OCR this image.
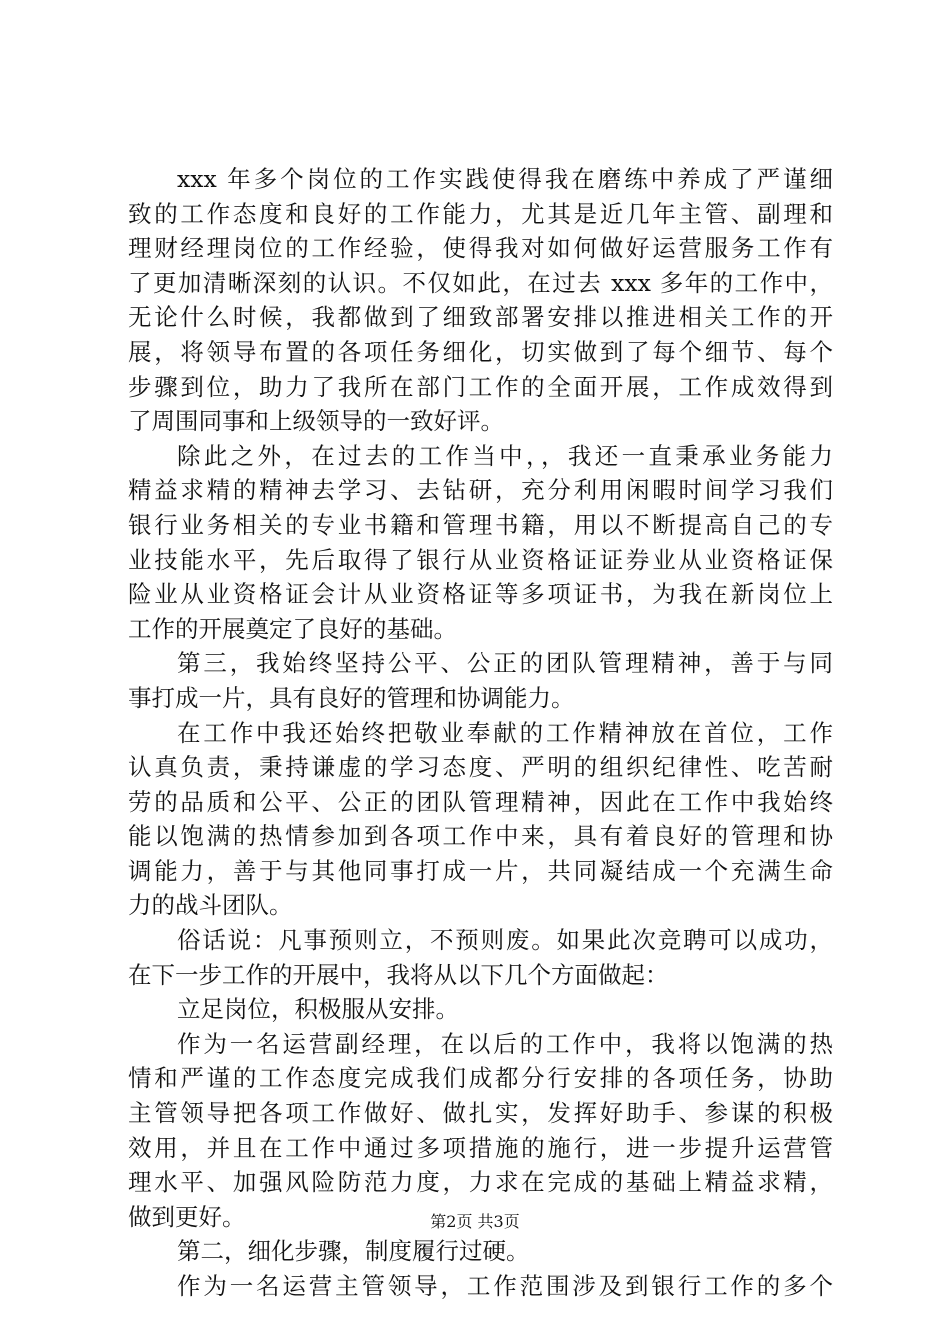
xxx 年多个岗位的工作实践使得我在磨练中养成了严谨细
致的工作态度和良好的工作能力，尤其是近几年主管、副理和
理财经理岗位的工作经验，使得我对如何做好运营服务工作有
了更加清晰深刻的认识。不仅如此，在过去 xxx 多年的工作中，
无论什么时候，我都做到了细致部署安排以推进相关工作的开
展，将领导布置的各项任务细化，切实做到了每个细节、每个
步骤到位，助力了我所在部门工作的全面开展，工作成效得到
了周围同事和上级领导的一致好评。
除此之外，在过去的工作当中，，我还一直秉承业务能力
精益求精的精神去学习、去钻研，充分利用闲暇时间学习我们
银行业务相关的专业书籍和管理书籍，用以不断提高自己的专
业技能水平，先后取得了银行从业资格证证券业从业资格证保
险业从业资格证会计从业资格证等多项证书，为我在新岗位上
工作的开展奠定了良好的基础。
第三，我始终坚持公平、公正的团队管理精神，善于与同
事打成一片，具有良好的管理和协调能力。
在工作中我还始终把敬业奉献的工作精神放在首位，工作
认真负责，秉持谦虚的学习态度、严明的组织纪律性、吃苦耐
劳的品质和公平、公正的团队管理精神，因此在工作中我始终
能以饱满的热情参加到各项工作中来，具有着良好的管理和协
调能力，善于与其他同事打成一片，共同凝结成一个充满生命
力的战斗团队。
俗话说：凡事预则立，不预则废。如果此次竞聘可以成功，
在下一步工作的开展中，我将从以下几个方面做起：
立足岗位，积极服从安排。
作为一名运营副经理，在以后的工作中，我将以饱满的热
情和严谨的工作态度完成我们成都分行安排的各项任务，协助
主管领导把各项工作做好、做扎实，发挥好助手、参谋的积极
效用，并且在工作中通过多项措施的施行，进一步提升运营管
理水平、加强风险防范力度，力求在完成的基础上精益求精，
做到更好。
第二，细化步骤，制度履行过硬。
作为一名运营主管领导，工作范围涉及到银行工作的多个
第2页 共3页
